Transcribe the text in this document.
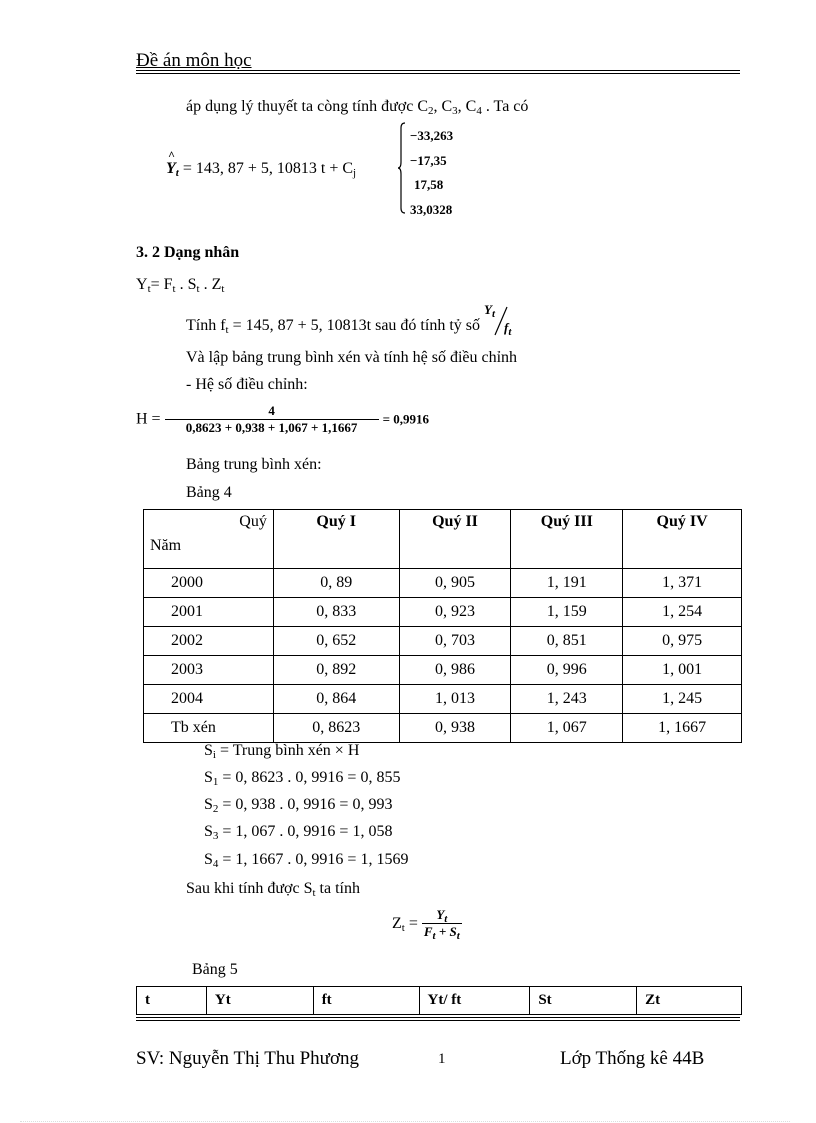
Đề án môn học
áp dụng lý thuyết ta còng tính được $C_2$, $C_3$, $C_4$ . Ta có
^
$Y_t = 143$, 87 + 5, 10813 $t + C_j$
−33,263
−17,35
17,58
33,0328
3. 2 Dạng nhân
$Y_t= F_t$ . $S_t$ . $Z_t$
Tính $f_t = 145$, 87 + 5, 10813t sau đó tính tỷ số
$Y_t$
$f_t$
Và lập bảng trung bình xén và tính hệ số điều chỉnh
- Hệ số điều chỉnh:
$H = \frac{4}{0,8623 + 0,938 + 1,067 + 1,1667} = 0,9916$
Bảng trung bình xén:
Bảng 4
Quý
Năm	Quý I	Quý II	Quý III	Quý IV
2000	0, 89	0, 905	1, 191	1, 371
2001	0, 833	0, 923	1, 159	1, 254
2002	0, 652	0, 703	0, 851	0, 975
2003	0, 892	0, 986	0, 996	1, 001
2004	0, 864	1, 013	1, 243	1, 245
Tb xén	0, 8623	0, 938	1, 067	1, 1667
$S_i$ = Trung bình xén × H
$S_1 = 0$, 8623 . 0, 9916 = 0, 855
$S_2 = 0$, 938 . 0, 9916 = 0, 993
$S_3 = 1$, 067 . 0, 9916 = 1, 058
$S_4 = 1$, 1667 . 0, 9916 = 1, 1569
Sau khi tính được $S_t$ ta tính
$Z_t = \frac{Y_t}{F_t + S_t}$
Bảng 5
t	Yt	ft	Yt/ ft	St	Zt
SV: Nguyễn Thị Thu Phương	1	Lớp Thống kê 44B
